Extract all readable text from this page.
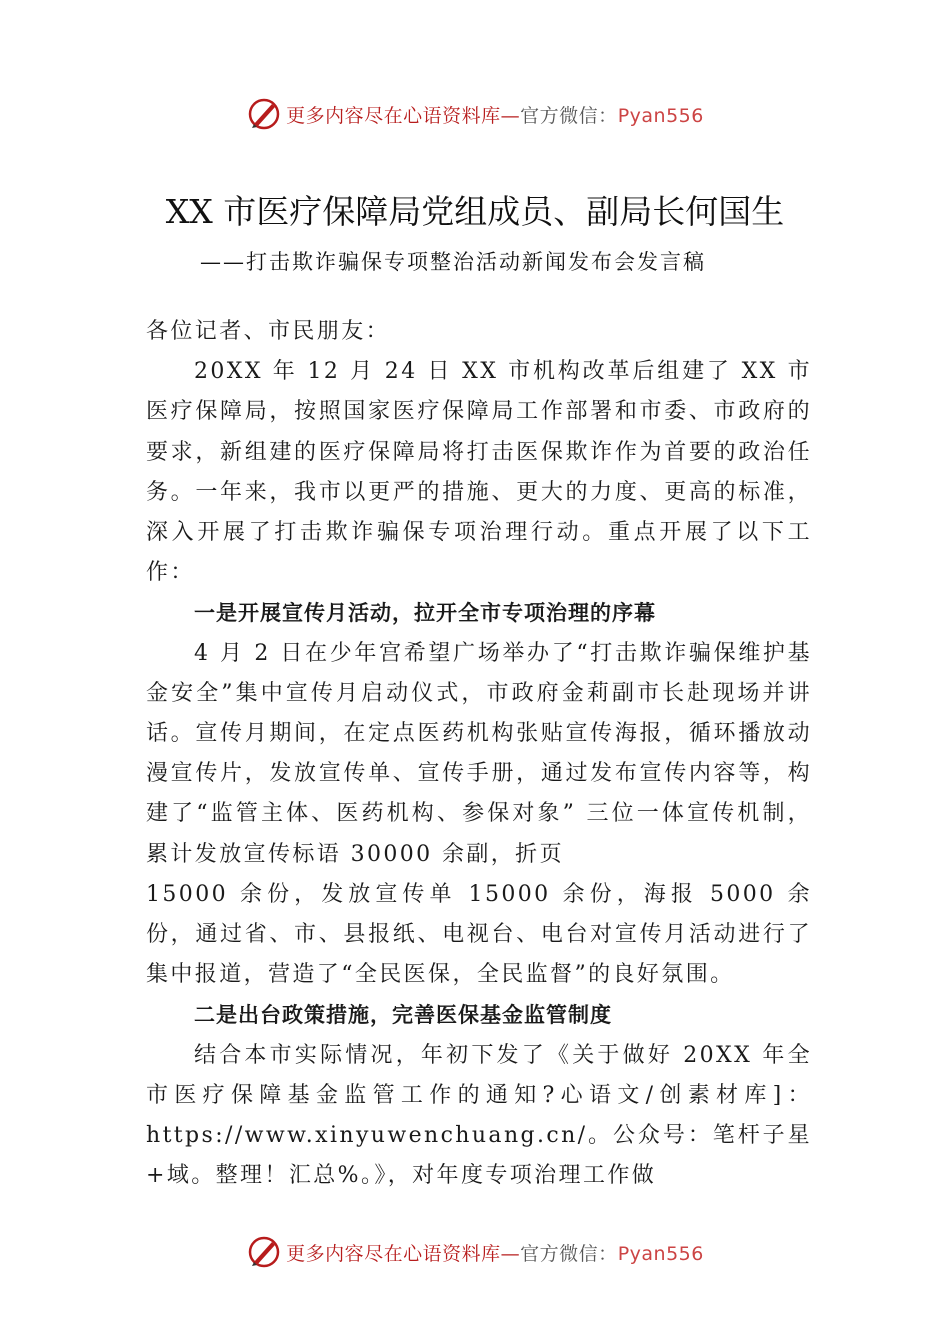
更多内容尽在心语资料库—官方微信：Pyan556
XX 市医疗保障局党组成员、副局长何国生
——打击欺诈骗保专项整治活动新闻发布会发言稿

各位记者、市民朋友：

20XX 年 12 月 24 日 XX 市机构改革后组建了 XX 市医疗保障局，按照国家医疗保障局工作部署和市委、市政府的要求，新组建的医疗保障局将打击医保欺诈作为首要的政治任务。一年来，我市以更严的措施、更大的力度、更高的标准，深入开展了打击欺诈骗保专项治理行动。重点开展了以下工作：

一是开展宣传月活动，拉开全市专项治理的序幕

4 月 2 日在少年宫希望广场举办了“打击欺诈骗保维护基金安全”集中宣传月启动仪式，市政府金莉副市长赴现场并讲话。宣传月期间，在定点医药机构张贴宣传海报，循环播放动漫宣传片，发放宣传单、宣传手册，通过发布宣传内容等，构建了“监管主体、医药机构、参保对象” 三位一体宣传机制，累计发放宣传标语 30000 余副，折页

15000 余份，发放宣传单 15000 余份，海报 5000 余份，通过省、市、县报纸、电视台、电台对宣传月活动进行了集中报道，营造了“全民医保，全民监督”的良好氛围。

二是出台政策措施，完善医保基金监管制度

结合本市实际情况，年初下发了《关于做好 20XX 年全市医疗保障基金监管工作的通知?心语文/创素材库]：https://www.xinyuwenchuang.cn/。公众号：笔杆子星+域。整理！汇总%。》，对年度专项治理工作做

更多内容尽在心语资料库—官方微信：Pyan556
